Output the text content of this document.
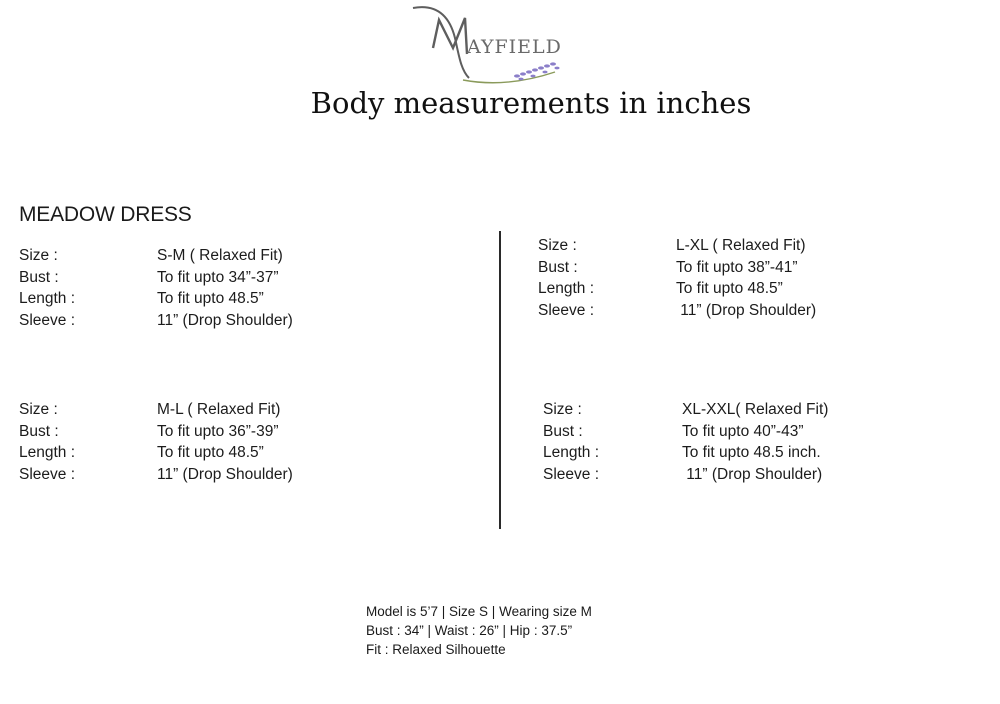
AYFIELD
Body measurements in inches
MEADOW DRESS
Size :	S-M ( Relaxed Fit)
Bust :	To fit upto 34”-37”
Length :	To fit upto 48.5”
Sleeve :	11” (Drop Shoulder)
Size :	L-XL ( Relaxed Fit)
Bust :	To fit upto 38”-41”
Length :	To fit upto 48.5”
Sleeve :	11” (Drop Shoulder)
Size :	M-L ( Relaxed Fit)
Bust :	To fit upto 36”-39”
Length :	To fit upto 48.5”
Sleeve :	11” (Drop Shoulder)
Size :	XL-XXL( Relaxed Fit)
Bust :	To fit upto 40”-43”
Length :	To fit upto 48.5 inch.
Sleeve :	11” (Drop Shoulder)
Model is 5’7 | Size S | Wearing size M
Bust : 34” | Waist : 26” | Hip : 37.5”
Fit : Relaxed Silhouette
